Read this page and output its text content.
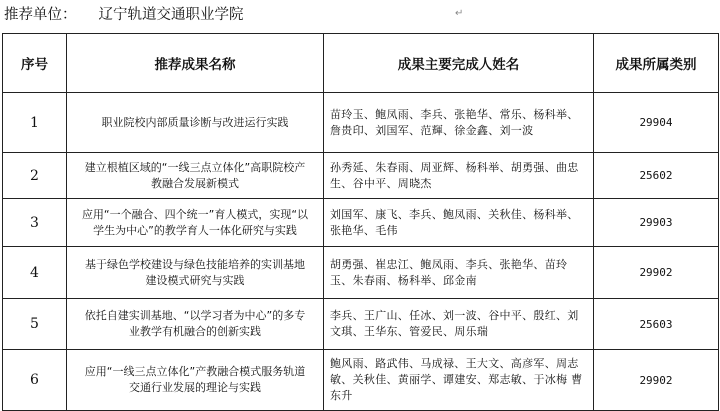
推荐单位： 辽宁轨道交通职业学院	↵
序号	推荐成果名称	成果主要完成人姓名	成果所属类别
1	职业院校内部质量诊断与改进运行实践	苗玲玉、鲍凤雨、李兵、张艳华、常乐、杨科举、詹贵印、刘国军、范輝、徐金鑫、刘一波	29904
2	建立根植区域的“一线三点立体化”高职院校产教融合发展新模式	孙秀延、朱春雨、周亚辉、杨科举、胡勇强、曲忠生、谷中平、周晓杰	25602
3	应用“一个融合、四个统一”育人模式，实现“以学生为中心”的教学育人一体化研究与实践	刘国军、康飞、李兵、鲍凤雨、关秋佳、杨科举、张艳华、毛伟	29903
4	基于绿色学校建设与绿色技能培养的实训基地建设模式研究与实践	胡勇强、崔忠江、鲍凤雨、李兵、张艳华、苗玲玉、朱春雨、杨科举、邱金南	29902
5	依托自建实训基地、“以学习者为中心”的多专业教学有机融合的创新实践	李兵、王广山、任冰、刘一波、谷中平、殷红、刘文琪、王华东、管爱民、周乐瑞	25603
6	应用“一线三点立体化”产教融合模式服务轨道交通行业发展的理论与实践	鲍风雨、路武伟、马成禄、王大文、高彦军、周志敏、关秋佳、黄丽学、谭建安、郑志敏、于冰梅 曹东升	29902
